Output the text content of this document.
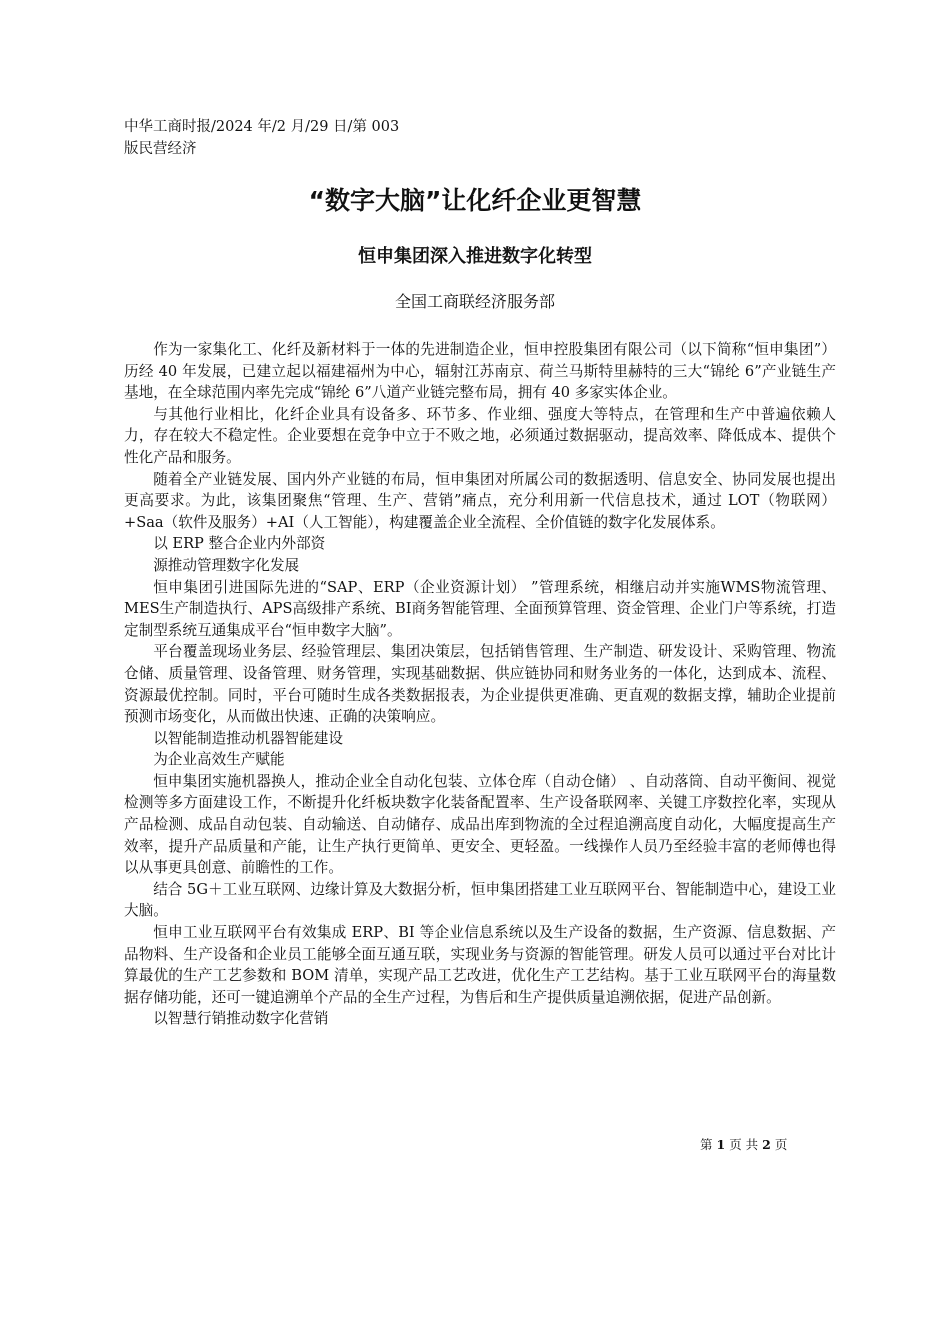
中华工商时报/2024 年/2 月/29 日/第 003
版民营经济
“数字大脑”让化纤企业更智慧
恒申集团深入推进数字化转型
全国工商联经济服务部

作为一家集化工、化纤及新材料于一体的先进制造企业，恒申控股集团有限公司（以下简称“恒申集团”）历经 40 年发展，已建立起以福建福州为中心，辐射江苏南京、荷兰马斯特里赫特的三大“锦纶 6”产业链生产基地，在全球范围内率先完成“锦纶 6”八道产业链完整布局，拥有 40 多家实体企业。

与其他行业相比，化纤企业具有设备多、环节多、作业细、强度大等特点，在管理和生产中普遍依赖人力，存在较大不稳定性。企业要想在竞争中立于不败之地，必须通过数据驱动，提高效率、降低成本、提供个性化产品和服务。

随着全产业链发展、国内外产业链的布局，恒申集团对所属公司的数据透明、信息安全、协同发展也提出更高要求。为此，该集团聚焦“管理、生产、营销”痛点，充分利用新一代信息技术，通过 LOT（物联网）+Saa（软件及服务）+AI（人工智能），构建覆盖企业全流程、全价值链的数字化发展体系。

以 ERP 整合企业内外部资

源推动管理数字化发展

恒申集团引进国际先进的“SAP、ERP（企业资源计划） ”管理系统，相继启动并实施WMS物流管理、MES生产制造执行、APS高级排产系统、BI商务智能管理、全面预算管理、资金管理、企业门户等系统，打造定制型系统互通集成平台“恒申数字大脑”。

平台覆盖现场业务层、经验管理层、集团决策层，包括销售管理、生产制造、研发设计、采购管理、物流仓储、质量管理、设备管理、财务管理，实现基础数据、供应链协同和财务业务的一体化，达到成本、流程、资源最优控制。同时，平台可随时生成各类数据报表，为企业提供更准确、更直观的数据支撑，辅助企业提前预测市场变化，从而做出快速、正确的决策响应。

以智能制造推动机器智能建设

为企业高效生产赋能

恒申集团实施机器换人，推动企业全自动化包装、立体仓库（自动仓储） 、自动落筒、自动平衡间、视觉检测等多方面建设工作，不断提升化纤板块数字化装备配置率、生产设备联网率、关键工序数控化率，实现从产品检测、成品自动包装、自动输送、自动储存、成品出库到物流的全过程追溯高度自动化，大幅度提高生产效率，提升产品质量和产能，让生产执行更简单、更安全、更轻盈。一线操作人员乃至经验丰富的老师傅也得以从事更具创意、前瞻性的工作。

结合 5G＋工业互联网、边缘计算及大数据分析，恒申集团搭建工业互联网平台、智能制造中心，建设工业大脑。

恒申工业互联网平台有效集成 ERP、BI 等企业信息系统以及生产设备的数据，生产资源、信息数据、产品物料、生产设备和企业员工能够全面互通互联，实现业务与资源的智能管理。研发人员可以通过平台对比计算最优的生产工艺参数和 BOM 清单，实现产品工艺改进，优化生产工艺结构。基于工业互联网平台的海量数据存储功能，还可一键追溯单个产品的全生产过程，为售后和生产提供质量追溯依据，促进产品创新。

以智慧行销推动数字化营销

第 1 页 共 2 页
